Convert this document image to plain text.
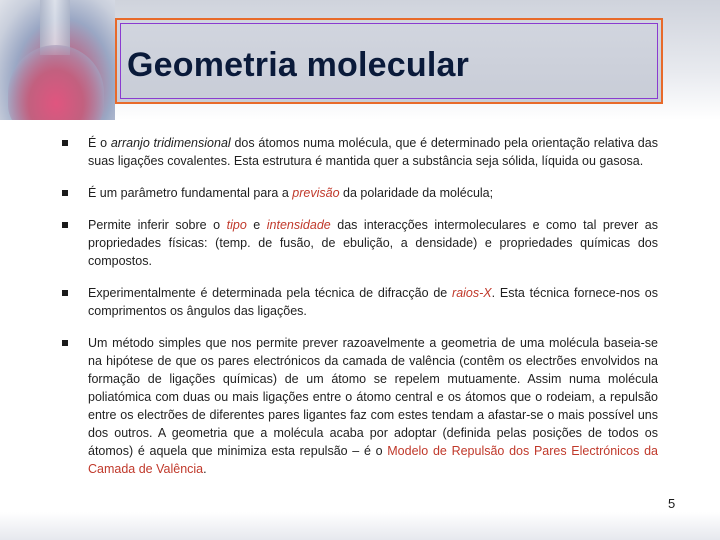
Geometria molecular

É o arranjo tridimensional dos átomos numa molécula, que é determinado pela orientação relativa das suas ligações covalentes. Esta estrutura é mantida quer a substância seja sólida, líquida ou gasosa.

É um parâmetro fundamental para a previsão da polaridade da molécula;

Permite inferir sobre o tipo e intensidade das interacções intermoleculares e como tal prever as propriedades físicas: (temp. de fusão, de ebulição, a densidade) e propriedades químicas dos compostos.

Experimentalmente é determinada pela técnica de difracção de raios-X. Esta técnica fornece-nos os comprimentos os ângulos das ligações.

Um método simples que nos permite prever razoavelmente a geometria de uma molécula baseia-se na hipótese de que os pares electrónicos da camada de valência (contêm os electrões envolvidos na formação de ligações químicas) de um átomo se repelem mutuamente. Assim numa molécula poliatómica com duas ou mais ligações entre o átomo central e os átomos que o rodeiam, a repulsão entre os electrões de diferentes pares ligantes faz com estes tendam a afastar-se o mais possível uns dos outros. A geometria que a molécula acaba por adoptar (definida pelas posições de todos os átomos) é aquela que minimiza esta repulsão – é o Modelo de Repulsão dos Pares Electrónicos da Camada de Valência.

5
